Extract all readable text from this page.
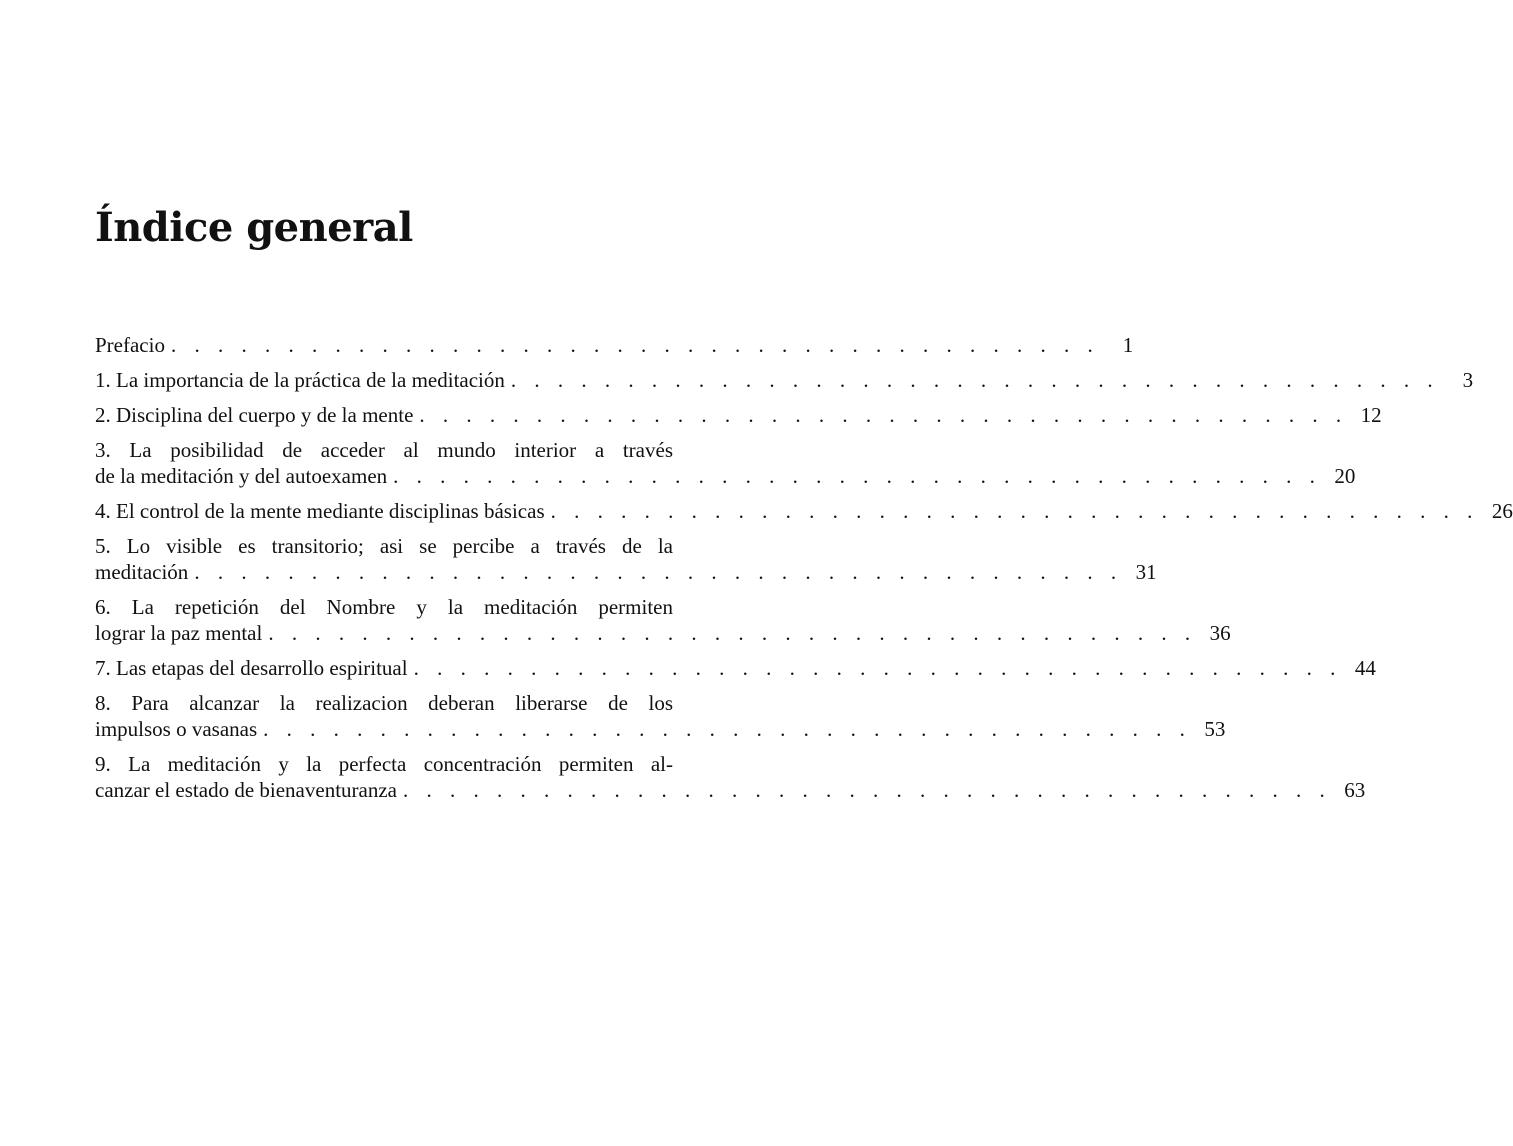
Índice general
Prefacio . . . . . . . . . . . . . . . . . . . . . . . . . . . . . . . . . . . . . . . .	1
1. La importancia de la práctica de la meditación . . . . . . . . . . . . . . . . . . . . . . . . . . . . . . . . . . . . . . . .	3
2. Disciplina del cuerpo y de la mente . . . . . . . . . . . . . . . . . . . . . . . . . . . . . . . . . . . . . . . . 12
3. La posibilidad de acceder al mundo interior a través
de la meditación y del autoexamen . . . . . . . . . . . . . . . . . . . . . . . . . . . . . . . . . . . . . . . . 20
4. El control de la mente mediante disciplinas básicas . . . . . . . . . . . . . . . . . . . . . . . . . . . . . . . . . . . . . . . . 26
5. Lo visible es transitorio; asi se percibe a través de la
meditación . . . . . . . . . . . . . . . . . . . . . . . . . . . . . . . . . . . . . . . . 31
6. La repetición del Nombre y la meditación permiten
lograr la paz mental . . . . . . . . . . . . . . . . . . . . . . . . . . . . . . . . . . . . . . . . 36
7. Las etapas del desarrollo espiritual . . . . . . . . . . . . . . . . . . . . . . . . . . . . . . . . . . . . . . . . 44
8. Para alcanzar la realizacion deberan liberarse de los
impulsos o vasanas . . . . . . . . . . . . . . . . . . . . . . . . . . . . . . . . . . . . . . . . 53
9. La meditación y la perfecta concentración permiten al-
canzar el estado de bienaventuranza . . . . . . . . . . . . . . . . . . . . . . . . . . . . . . . . . . . . . . . . 63
